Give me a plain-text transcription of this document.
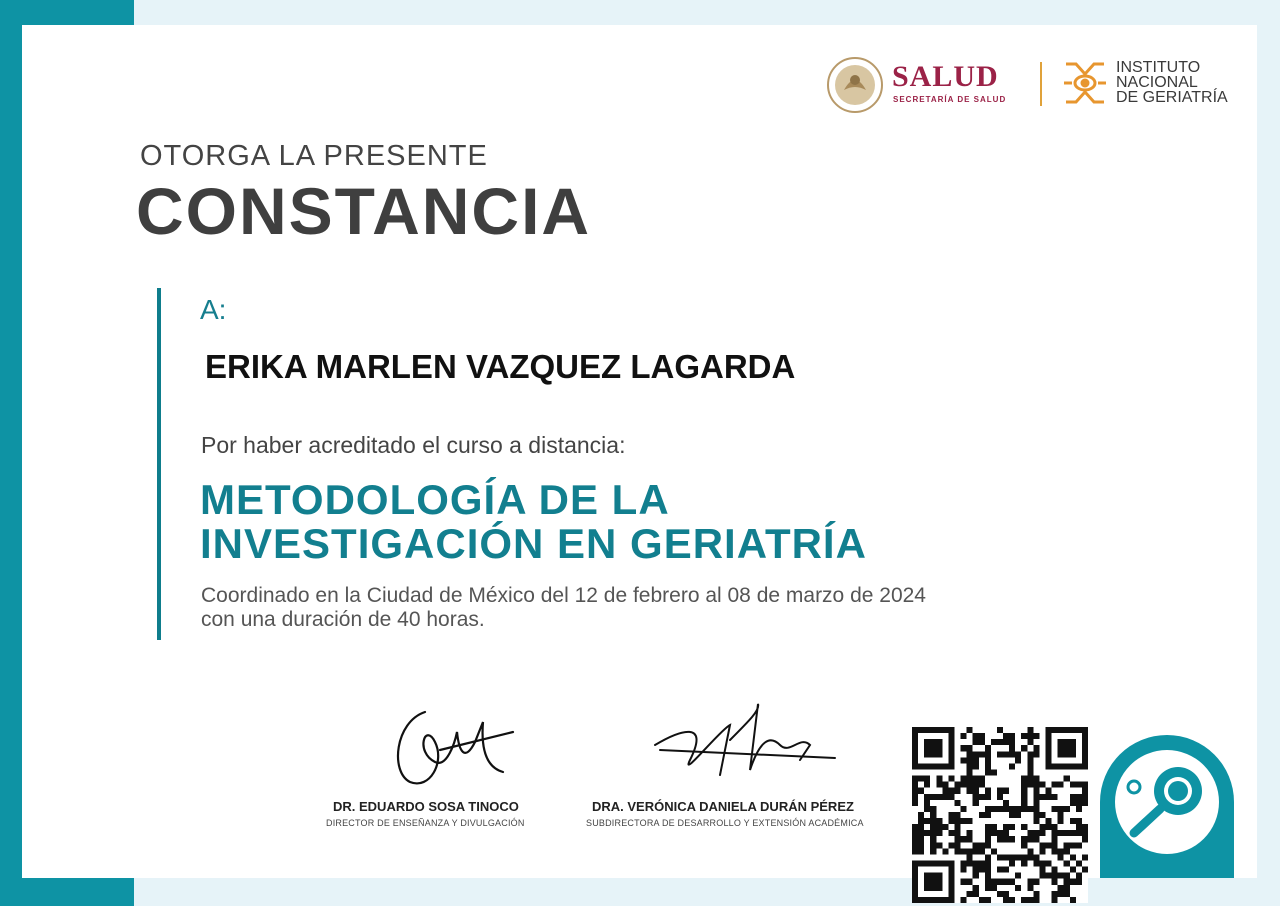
SALUD
SECRETARÍA DE SALUD
INSTITUTO
NACIONAL
DE GERIATRÍA
OTORGA LA PRESENTE
CONSTANCIA
A:
ERIKA MARLEN VAZQUEZ LAGARDA
Por haber acreditado el curso a distancia:
METODOLOGÍA DE LA
INVESTIGACIÓN EN GERIATRÍA
Coordinado en la Ciudad de México del 12 de febrero al 08 de marzo de 2024
con una duración de 40 horas.
DR. EDUARDO SOSA TINOCO
DIRECTOR DE ENSEÑANZA Y DIVULGACIÓN
DRA. VERÓNICA DANIELA DURÁN PÉREZ
SUBDIRECTORA DE DESARROLLO Y EXTENSIÓN ACADÉMICA
